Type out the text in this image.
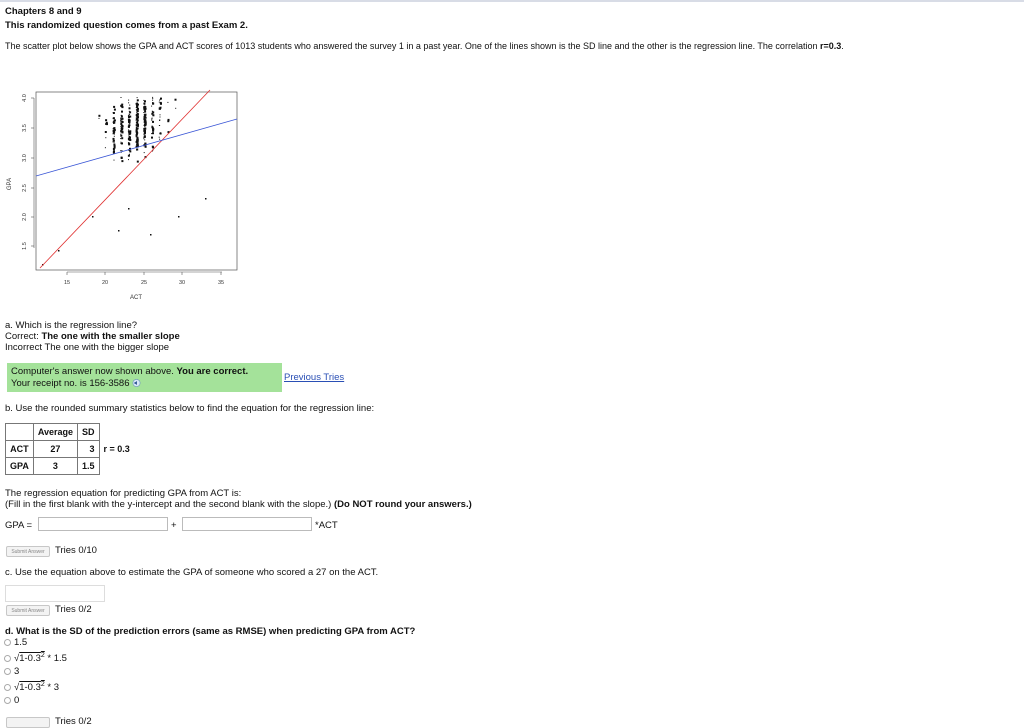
Chapters 8 and 9
This randomized question comes from a past Exam 2.
The scatter plot below shows the GPA and ACT scores of 1013 students who answered the survey 1 in a past year. One of the lines shown is the SD line and the other is the regression line. The correlation r=0.3.
15	20	25	30	35
1.5
2.0
2.5
3.0
3.5
4.0
ACT
GPA
a. Which is the regression line?
Correct: The one with the smaller slope
Incorrect The one with the bigger slope
Computer's answer now shown above. You are correct.
Your receipt no. is 156-3586
Previous Tries
b. Use the rounded summary statistics below to find the equation for the regression line:
	Average	SD	
ACT	27	3	r = 0.3
GPA	3	1.5	
The regression equation for predicting GPA from ACT is:
(Fill in the first blank with the y-intercept and the second blank with the slope.) (Do NOT round your answers.)
GPA =	+	*ACT
Submit Answer	Tries 0/10
c. Use the equation above to estimate the GPA of someone who scored a 27 on the ACT.
Submit Answer	Tries 0/2
d. What is the SD of the prediction errors (same as RMSE) when predicting GPA from ACT?
1.5
$√1-0.3^2 * 1.5$
3
$√1-0.3^2 * 3$
0
Tries 0/2
